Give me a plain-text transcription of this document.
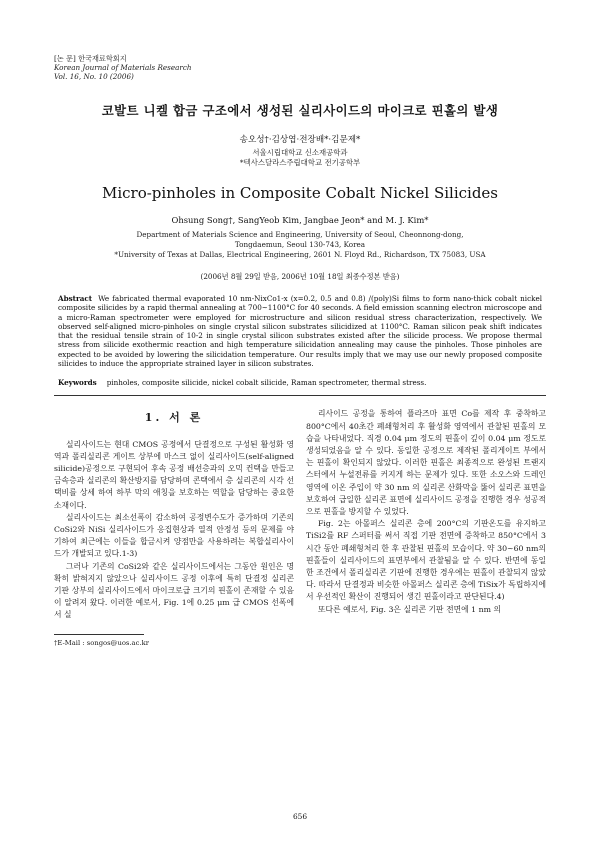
[논 문] 한국재료학회지
Korean Journal of Materials Research
Vol. 16, No. 10 (2006)
코발트 니켈 합금 구조에서 생성된 실리사이드의 마이크로 핀홀의 발생
송오성†·김상엽·전장배*·김문제*
서울시립대학교 신소재공학과
*텍사스달라스주립대학교 전기공학부
Micro-pinholes in Composite Cobalt Nickel Silicides
Ohsung Song†, SangYeob Kim, Jangbae Jeon* and M. J. Kim*
Department of Materials Science and Engineering, University of Seoul, Cheonnong-dong,
Tongdaemun, Seoul 130-743, Korea
*University of Texas at Dallas, Electrical Engineering, 2601 N. Floyd Rd., Richardson, TX 75083, USA
(2006년 8월 29일 받음, 2006년 10월 18일 최종수정본 받음)
Abstract We fabricated thermal evaporated 10 nm-NixCo1-x (x=0.2, 0.5 and 0.8) /(poly)Si films to form nano-thick cobalt nickel composite silicides by a rapid thermal annealing at 700~1100°C for 40 seconds. A field emission scanning electron microscope and a micro-Raman spectrometer were employed for microstructure and silicon residual stress characterization, respectively. We observed self-aligned micro-pinholes on single crystal silicon substrates silicidized at 1100°C. Raman silicon peak shift indicates that the residual tensile strain of 10-2 in single crystal silicon substrates existed after the silicide process. We propose thermal stress from silicide exothermic reaction and high temperature silicidation annealing may cause the pinholes. Those pinholes are expected to be avoided by lowering the silicidation temperature. Our results imply that we may use our newly proposed composite silicides to induce the appropriate strained layer in silicon substrates.
Keywords pinholes, composite silicide, nickel cobalt silicide, Raman spectrometer, thermal stress.
1. 서 론

실리사이드는 현대 CMOS 공정에서 단결정으로 구성된 활성화 영역과 폴리실리콘 게이트 상부에 마스크 없이 실리사이드(self-aligned silicide)공정으로 구현되어 후속 공정 배선층과의 오믹 컨택을 만들고 금속층과 실리콘의 확산방지를 담당하며 콘택에서 층 실리콘의 시각 선택비를 상세 하여 하부 막의 애칭을 보호하는 역할을 담당하는 중요한 소재이다.

실리사이드는 최소선폭이 감소하여 공정변수도가 증가하며 기존의 CoSi2와 NiSi 실리사이드가 응집현상과 열적 안정성 등의 문제를 야기하여 최근에는 이들을 합금시켜 양점만을 사용하려는 복합실리사이드가 개발되고 있다.1-3)

그러나 기존의 CoSi2와 같은 실리사이드에서는 그동안 원인은 명확히 밝혀지지 않았으나 실리사이드 공정 이후에 특히 단결정 실리콘 기판 상부의 실리사이드에서 마이크로급 크기의 핀홀이 존재할 수 있음이 알려져 왔다. 이러한 예로서, Fig. 1에 0.25 μm 급 CMOS 선폭에서 실

†E-Mail : songos@uos.ac.kr

리사이드 공정을 통하여 플라즈마 표면 Co를 제작 후 중착하고 800°C에서 40초간 폐쇄형처리 후 활성화 영역에서 관찰된 핀홀의 모습을 나타내었다. 직경 0.04 μm 정도의 핀홀이 깊이 0.04 μm 정도로 생성되었음을 알 수 있다. 동일한 공정으로 제작된 폴리게이트 부에서는 핀홀이 확인되지 않았다. 이러한 핀홀은 최종적으로 완성된 트랜지스터에서 누설전류를 커지게 하는 문제가 있다. 또한 소오스와 드레인 영역에 이온 주입이 약 30 nm 의 실리콘 산화막을 뚫어 실리콘 표면을 보호하여 급일한 실리콘 표면에 실리사이드 공정을 진행한 경우 성공적으로 핀홀을 방지할 수 있었다.

Fig. 2는 아몰퍼스 실리콘 층에 200°C의 기판온도를 유지하고 TiSi2를 RF 스퍼터를 써서 직접 기판 전면에 증착하고 850°C에서 3시간 동안 폐쇄형처리 한 후 관찰된 핀홀의 모습이다. 약 30~60 nm의 핀홀들이 실리사이드의 표면부에서 관찰됨을 알 수 있다. 반면에 동일한 조건에서 폴리실리콘 기판에 진행한 경우에는 핀홀이 관찰되지 않았다. 따라서 단결정과 비슷한 아몰퍼스 실리콘 층에 TiSix가 독립하지에서 우선적인 확산이 진행되어 생긴 핀홀이라고 판단된다.4)

또다른 예로서, Fig. 3은 실리콘 기판 전면에 1 nm 의

656
